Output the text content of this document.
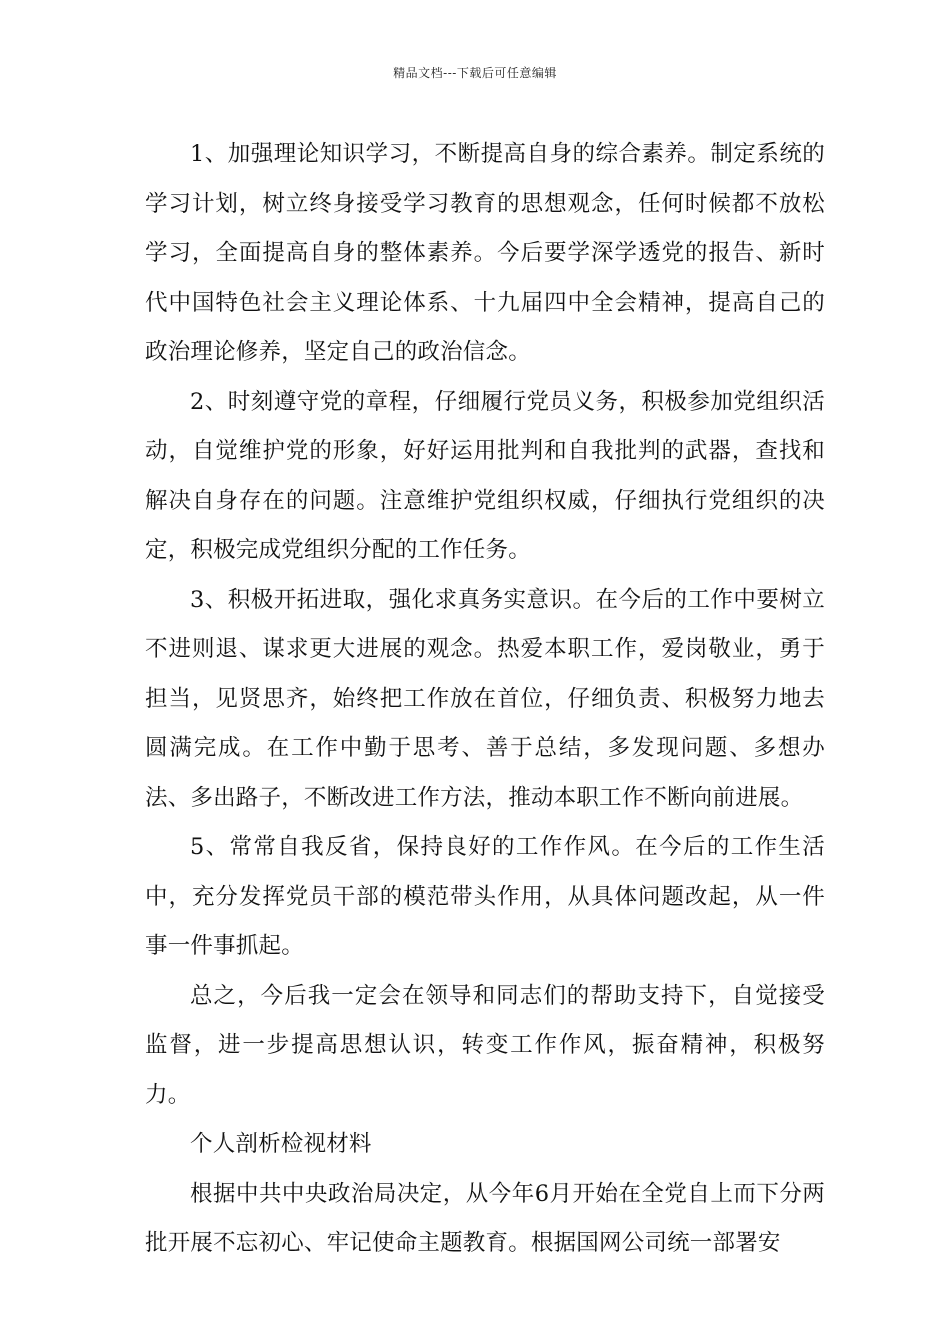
精品文档---下载后可任意编辑

1、加强理论知识学习，不断提高自身的综合素养。制定系统的学习计划，树立终身接受学习教育的思想观念，任何时候都不放松学习，全面提高自身的整体素养。今后要学深学透党的报告、新时代中国特色社会主义理论体系、十九届四中全会精神，提高自己的政治理论修养，坚定自己的政治信念。

2、时刻遵守党的章程，仔细履行党员义务，积极参加党组织活动，自觉维护党的形象，好好运用批判和自我批判的武器，查找和解决自身存在的问题。注意维护党组织权威，仔细执行党组织的决定，积极完成党组织分配的工作任务。

3、积极开拓进取，强化求真务实意识。在今后的工作中要树立不进则退、谋求更大进展的观念。热爱本职工作，爱岗敬业，勇于担当，见贤思齐，始终把工作放在首位，仔细负责、积极努力地去圆满完成。在工作中勤于思考、善于总结，多发现问题、多想办法、多出路子，不断改进工作方法，推动本职工作不断向前进展。

5、常常自我反省，保持良好的工作作风。在今后的工作生活中，充分发挥党员干部的模范带头作用，从具体问题改起，从一件事一件事抓起。

总之，今后我一定会在领导和同志们的帮助支持下，自觉接受监督，进一步提高思想认识，转变工作作风，振奋精神，积极努力。

个人剖析检视材料

根据中共中央政治局决定，从今年6月开始在全党自上而下分两批开展不忘初心、牢记使命主题教育。根据国网公司统一部署安
